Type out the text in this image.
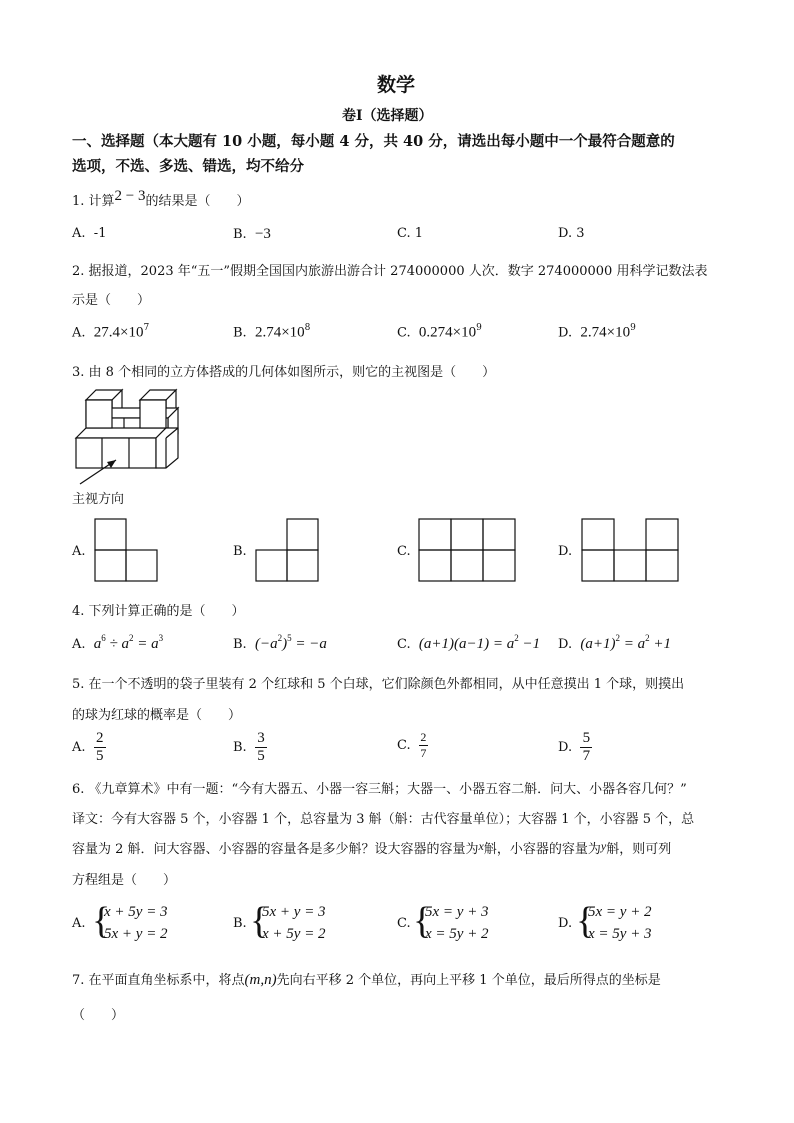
数学
卷Ⅰ（选择题）
一、选择题（本大题有 10 小题，每小题 4 分，共 40 分，请选出每小题中一个最符合题意的
选项，不选、多选、错选，均不给分
1. 计算2 − 3的结果是（　　）
A. -1	B. −3	C. 1	D. 3
2. 据报道，2023 年“五一”假期全国国内旅游出游合计 274000000 人次．数字 274000000 用科学记数法表
示是（　　）
A. $27.4\times 10^7$	B. $2.74\times 10^8$	C. $0.274\times 10^9$	D. $2.74\times 10^9$
3. 由 8 个相同的立方体搭成的几何体如图所示，则它的主视图是（　　）
主视方向
A.	B.	C.	D.
4. 下列计算正确的是（　　）
A. $a^6 \div a^2 = a^3$	B. $(-a^2)^5 = -a$	C. $(a+1)(a-1) = a^2 -1$ D. $(a+1)^2 = a^2 +1$
5. 在一个不透明的袋子里装有 2 个红球和 5 个白球，它们除颜色外都相同，从中任意摸出 1 个球，则摸出
的球为红球的概率是（　　）
A. $\frac{2}{5}$	B. $\frac{3}{5}$	C. $\frac{2}{7}$	D. $\frac{5}{7}$
6. 《九章算术》中有一题：“今有大器五、小器一容三斛；大器一、小器五容二斛．问大、小器各容几何？”
译文：今有大容器 5 个，小容器 1 个，总容量为 3 斛（斛：古代容量单位）；大容器 1 个，小容器 5 个，总
容量为 2 斛．问大容器、小容器的容量各是多少斛？设大容器的容量为x斛，小容器的容量为y斛，则可列
方程组是（　　）
A. {
x + 5y = 3
5x + y = 2
B. {
5x + y = 3
x + 5y = 2
C. {
5x = y + 3
x = 5y + 2
D. {
5x = y + 2
x = 5y + 3
7. 在平面直角坐标系中，将点(m,n)先向右平移 2 个单位，再向上平移 1 个单位，最后所得点的坐标是
（　　）
